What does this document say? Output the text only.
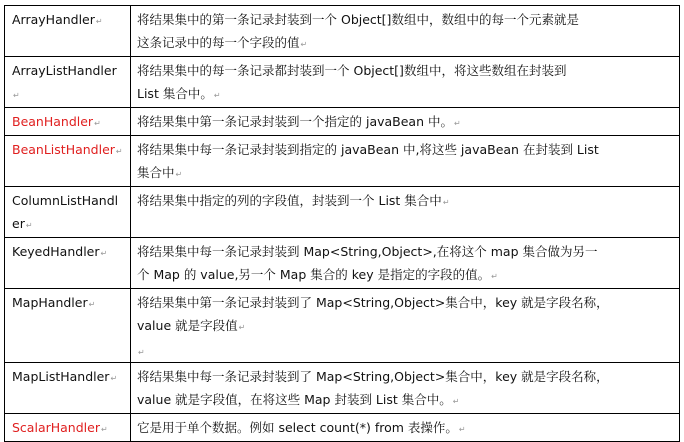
ArrayHandler↵	将结果集中的第一条记录封装到一个 Object[]数组中，数组中的每一个元素就是
这条记录中的每一个字段的值↵
ArrayListHandler↵	将结果集中的每一条记录都封装到一个 Object[]数组中，将这些数组在封装到
List 集合中。↵
BeanHandler↵	将结果集中第一条记录封装到一个指定的 javaBean 中。↵
BeanListHandler↵	将结果集中每一条记录封装到指定的 javaBean 中,将这些 javaBean 在封装到 List
集合中↵
ColumnListHandler↵	将结果集中指定的列的字段值，封装到一个 List 集合中↵
KeyedHandler↵	将结果集中每一条记录封装到 Map<String,Object>,在将这个 map 集合做为另一
个 Map 的 value,另一个 Map 集合的 key 是指定的字段的值。↵
MapHandler↵	将结果集中第一条记录封装到了 Map<String,Object>集合中，key 就是字段名称，
value 就是字段值↵
↵

MapListHandler↵	将结果集中每一条记录封装到了 Map<String,Object>集合中，key 就是字段名称，
value 就是字段值，在将这些 Map 封装到 List 集合中。↵
ScalarHandler↵	它是用于单个数据。例如 select count(*) from 表操作。↵
